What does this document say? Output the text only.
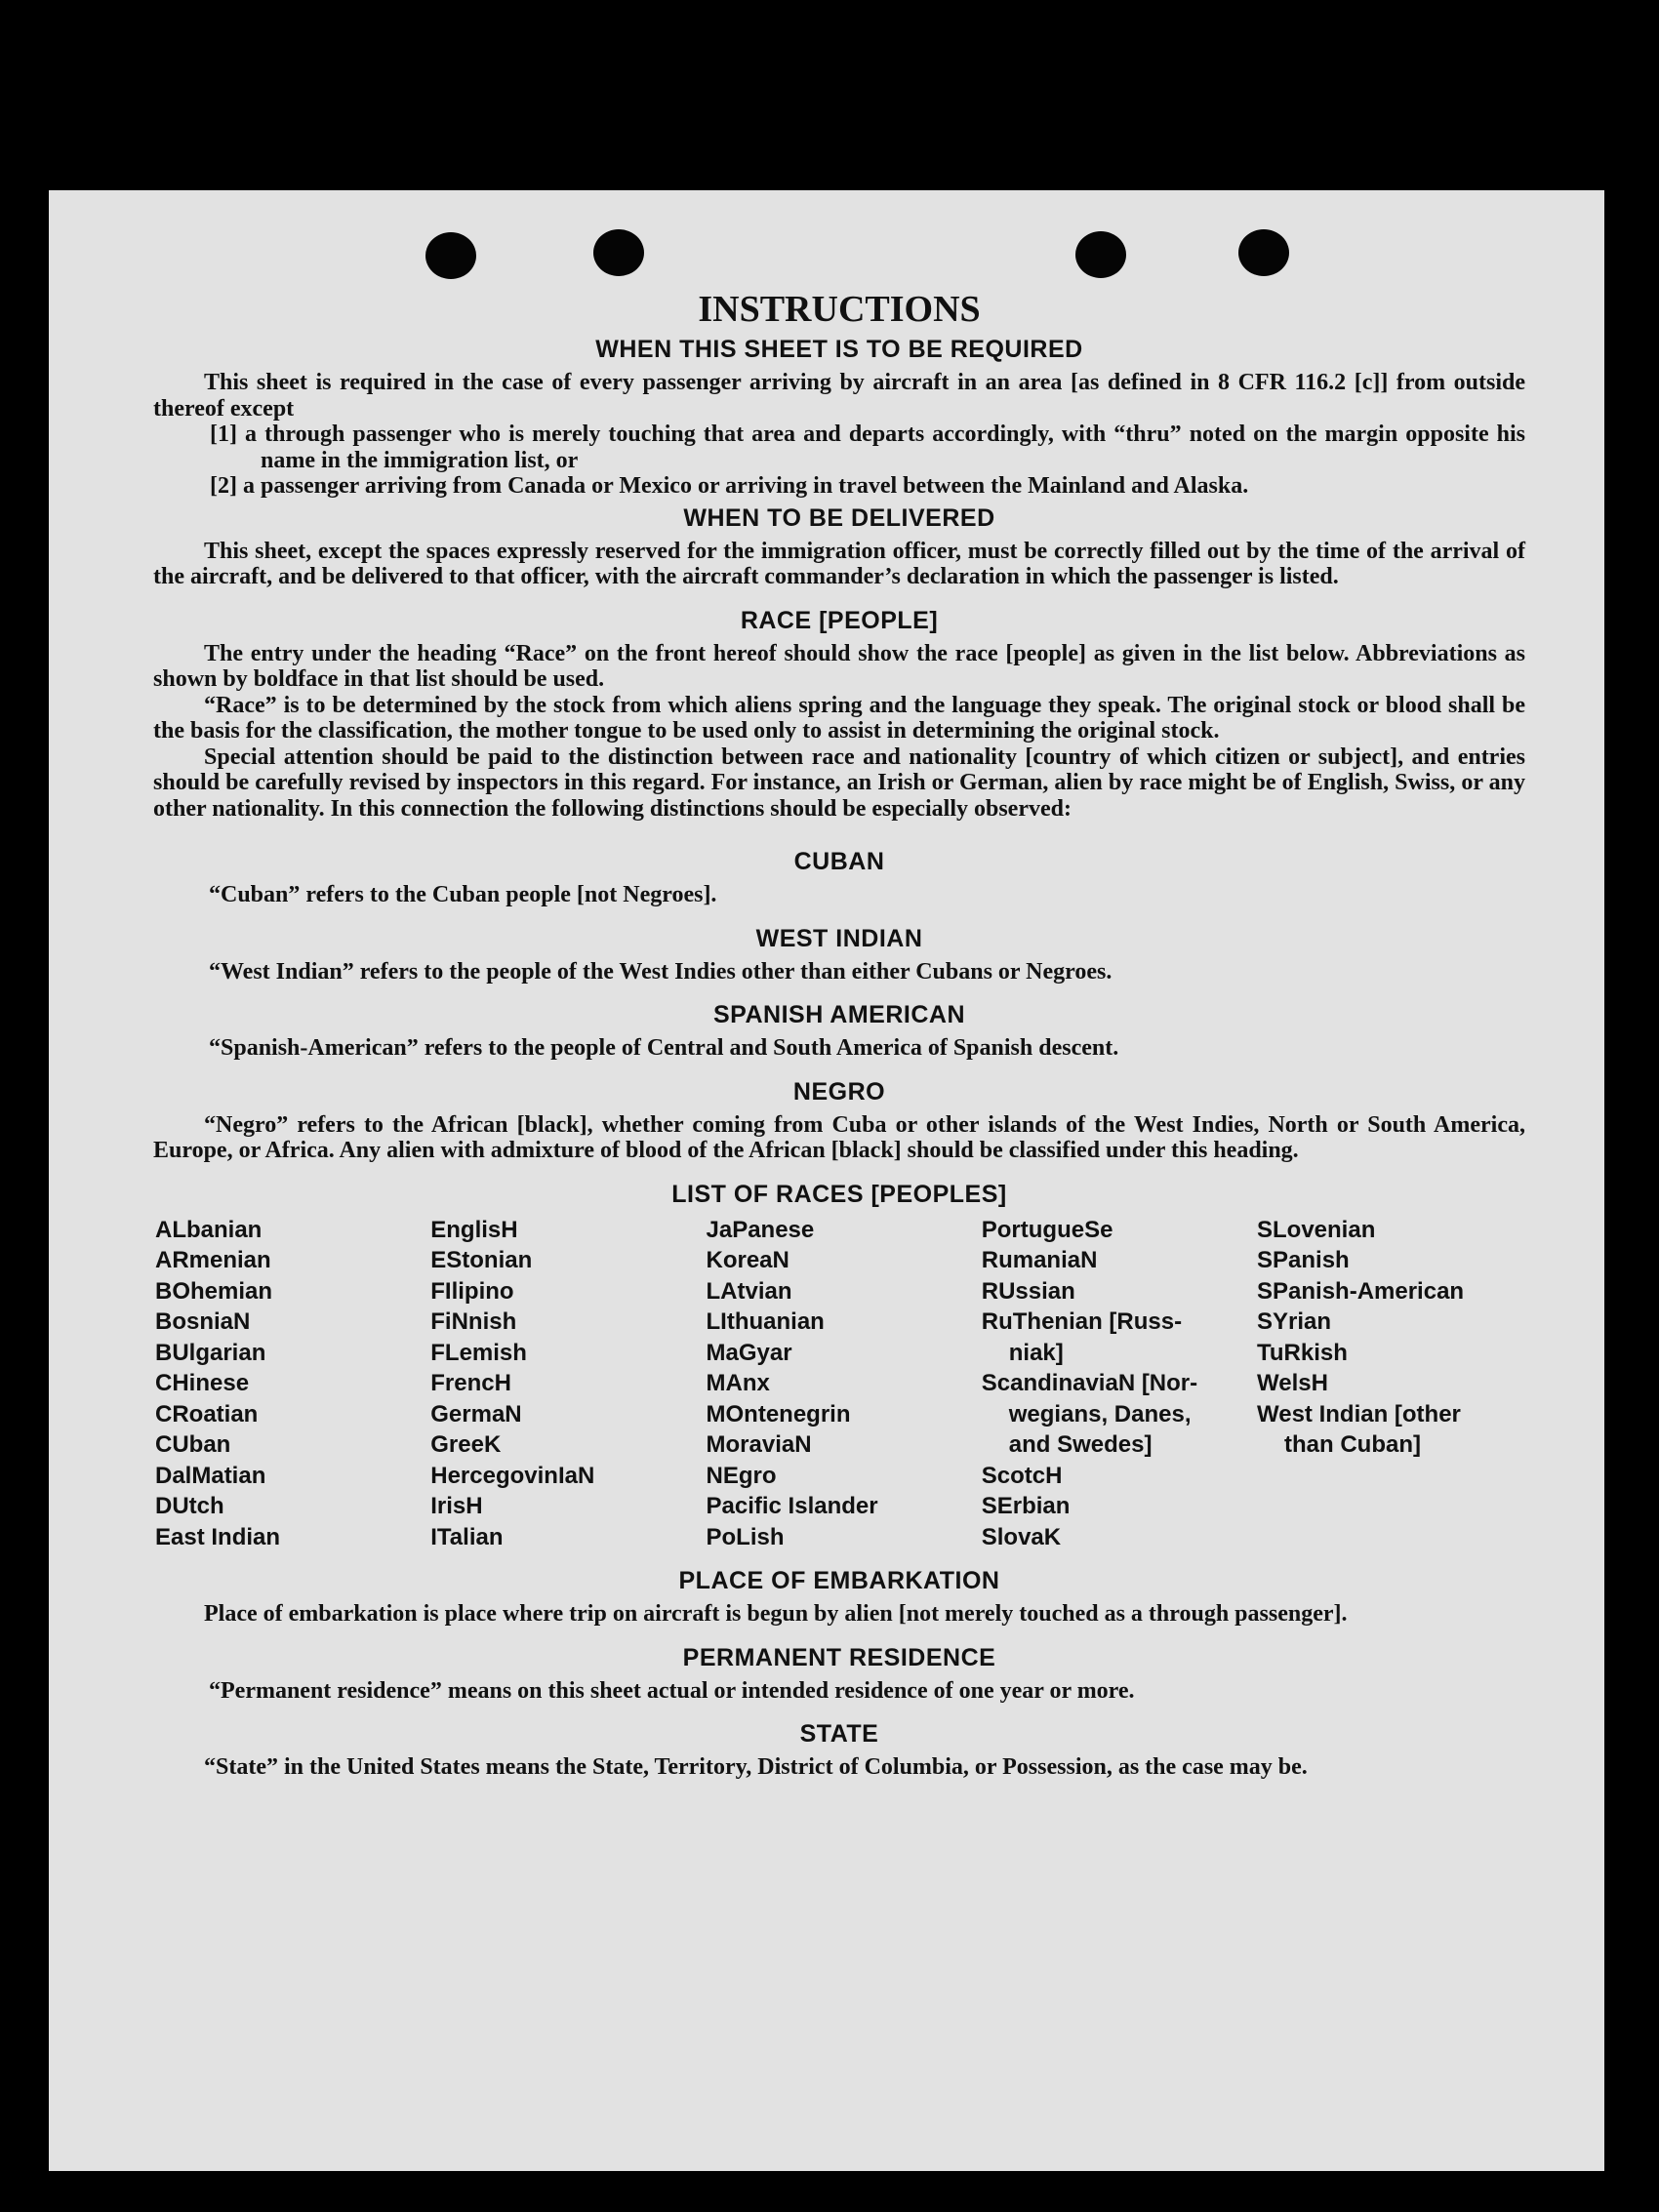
INSTRUCTIONS
WHEN THIS SHEET IS TO BE REQUIRED

This sheet is required in the case of every passenger arriving by aircraft in an area [as defined in 8 CFR 116.2 [c]] from outside thereof except

[1] a through passenger who is merely touching that area and departs accordingly, with “thru” noted on the margin opposite his name in the immigration list, or

[2] a passenger arriving from Canada or Mexico or arriving in travel between the Mainland and Alaska.

WHEN TO BE DELIVERED

This sheet, except the spaces expressly reserved for the immigration officer, must be correctly filled out by the time of the arrival of the aircraft, and be delivered to that officer, with the aircraft commander’s declaration in which the passenger is listed.

RACE [PEOPLE]

The entry under the heading “Race” on the front hereof should show the race [people] as given in the list below. Abbreviations as shown by boldface in that list should be used.

“Race” is to be determined by the stock from which aliens spring and the language they speak. The original stock or blood shall be the basis for the classification, the mother tongue to be used only to assist in determining the original stock.

Special attention should be paid to the distinction between race and nationality [country of which citizen or subject], and entries should be carefully revised by inspectors in this regard. For instance, an Irish or German, alien by race might be of English, Swiss, or any other nationality. In this connection the following distinctions should be especially observed:

CUBAN

“Cuban” refers to the Cuban people [not Negroes].

WEST INDIAN

“West Indian” refers to the people of the West Indies other than either Cubans or Negroes.

SPANISH AMERICAN

“Spanish-American” refers to the people of Central and South America of Spanish descent.

NEGRO

“Negro” refers to the African [black], whether coming from Cuba or other islands of the West Indies, North or South America, Europe, or Africa. Any alien with admixture of blood of the African [black] should be classified under this heading.

LIST OF RACES [PEOPLES]
ALbanian
ARmenian
BOhemian
BosniaN
BUlgarian
CHinese
CRoatian
CUban
DalMatian
DUtch
East Indian
EnglisH
EStonian
FIlipino
FiNnish
FLemish
FrencH
GermaN
GreeK
HercegovinIaN
IrisH
ITalian
JaPanese
KoreaN
LAtvian
LIthuanian
MaGyar
MAnx
MOntenegrin
MoraviaN
NEgro
Pacific Islander
PoLish
PortugueSe
RumaniaN
RUssian
RuThenian [Russ-
niak]
ScandinaviaN [Nor-
wegians, Danes,
and Swedes]
ScotcH
SErbian
SlovaK
SLovenian
SPanish
SPanish-American
SYrian
TuRkish
WelsH
West Indian [other
than Cuban]
PLACE OF EMBARKATION

Place of embarkation is place where trip on aircraft is begun by alien [not merely touched as a through passenger].

PERMANENT RESIDENCE

“Permanent residence” means on this sheet actual or intended residence of one year or more.

STATE

“State” in the United States means the State, Territory, District of Columbia, or Possession, as the case may be.
